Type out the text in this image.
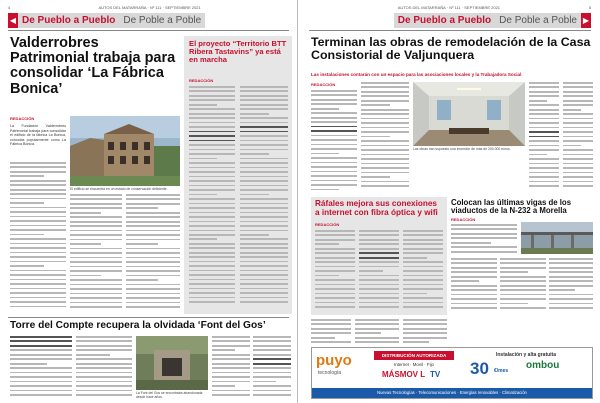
4	AUTOS DEL MATARRAÑA · Nº 111 · SEPTIEMBRE 2021
◀ De Pueblo a Pueblo De Poble a Poble
Valderrobres Patrimonial trabaja para consolidar ‘La Fábrica Bonica’
REDACCIÓN
La Fundación Valderrobres Patrimonial trabaja para consolidar el edificio de la fábrica La Bonica, conocida popularmente como La Fábrica Bonica.
El edificio se encuentra en un estado de conservación deficiente.
El proyecto “Territorio BTT Ribera Tastavins” ya está en marcha
REDACCIÓN
Torre del Compte recupera la olvidada ‘Font del Gos’
La Font del Gos se encontraba abandonada desde hace años.
AUTOS DEL MATARRAÑA · Nº 111 · SEPTIEMBRE 2021	5
De Pueblo a Pueblo De Poble a Poble ▶
Terminan las obras de remodelación de la Casa Consistorial de Valjunquera
Las instalaciones contarán con un espacio para las asociaciones locales y la Trabajadora Social
REDACCIÓN
Las obras han supuesto una inversión de más de 200.000 euros.
Ráfales mejora sus conexiones a internet con fibra óptica y wifi
REDACCIÓN
Colocan las últimas vigas de los viaductos de la N-232 a Morella
REDACCIÓN
puyo
tecnología
DISTRIBUCIÓN AUTORIZADA
Internet · Movil · Fijo
MÁSMOV L TV
Instalación y alta gratuita
30 €/mes ombou
Nuevas Tecnologías · Telecomunicaciones · Energías renovables · Climatización
